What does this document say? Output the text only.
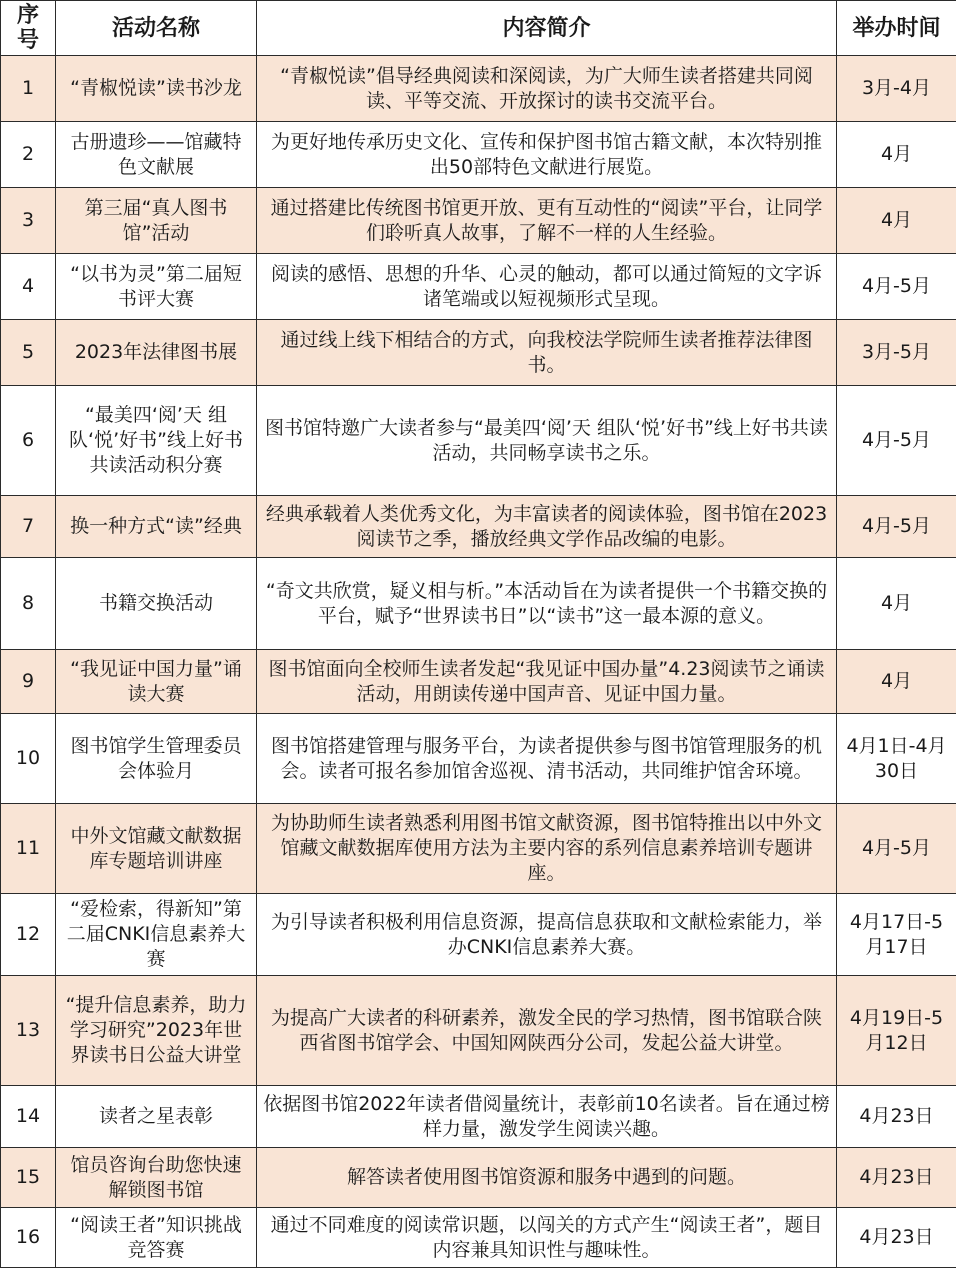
序号	活动名称	内容简介	举办时间
1	“青椒悦读”读书沙龙	“青椒悦读”倡导经典阅读和深阅读，为广大师生读者搭建共同阅读、平等交流、开放探讨的读书交流平台。	3月-4月
2	古册遗珍——馆藏特色文献展	为更好地传承历史文化、宣传和保护图书馆古籍文献，本次特别推出50部特色文献进行展览。	4月
3	第三届“真人图书馆”活动	通过搭建比传统图书馆更开放、更有互动性的“阅读”平台，让同学们聆听真人故事，了解不一样的人生经验。	4月
4	“以书为灵”第二届短书评大赛	阅读的感悟、思想的升华、心灵的触动，都可以通过简短的文字诉诸笔端或以短视频形式呈现。	4月-5月
5	2023年法律图书展	通过线上线下相结合的方式，向我校法学院师生读者推荐法律图书。	3月-5月
6	“最美四‘阅’天 组队‘悦’好书”线上好书共读活动积分赛	图书馆特邀广大读者参与“最美四‘阅’天 组队‘悦’好书”线上好书共读活动，共同畅享读书之乐。	4月-5月
7	换一种方式“读”经典	经典承载着人类优秀文化，为丰富读者的阅读体验，图书馆在2023阅读节之季，播放经典文学作品改编的电影。	4月-5月
8	书籍交换活动	“奇文共欣赏，疑义相与析。”本活动旨在为读者提供一个书籍交换的平台，赋予“世界读书日”以“读书”这一最本源的意义。	4月
9	“我见证中国力量”诵读大赛	图书馆面向全校师生读者发起“我见证中国办量”4.23阅读节之诵读活动，用朗读传递中国声音、见证中国力量。	4月
10	图书馆学生管理委员会体验月	图书馆搭建管理与服务平台，为读者提供参与图书馆管理服务的机会。读者可报名参加馆舍巡视、清书活动，共同维护馆舍环境。	4月1日-4月30日
11	中外文馆藏文献数据库专题培训讲座	为协助师生读者熟悉利用图书馆文献资源，图书馆特推出以中外文馆藏文献数据库使用方法为主要内容的系列信息素养培训专题讲座。	4月-5月
12	“爱检索，得新知”第二届CNKI信息素养大赛	为引导读者积极利用信息资源，提高信息获取和文献检索能力，举办CNKI信息素养大赛。	4月17日-5月17日
13	“提升信息素养，助力学习研究”2023年世界读书日公益大讲堂	为提高广大读者的科研素养，激发全民的学习热情，图书馆联合陕西省图书馆学会、中国知网陕西分公司，发起公益大讲堂。	4月19日-5月12日
14	读者之星表彰	依据图书馆2022年读者借阅量统计，表彰前10名读者。旨在通过榜样力量，激发学生阅读兴趣。	4月23日
15	馆员咨询台助您快速解锁图书馆	解答读者使用图书馆资源和服务中遇到的问题。	4月23日
16	“阅读王者”知识挑战竞答赛	通过不同难度的阅读常识题，以闯关的方式产生“阅读王者”，题目内容兼具知识性与趣味性。	4月23日
